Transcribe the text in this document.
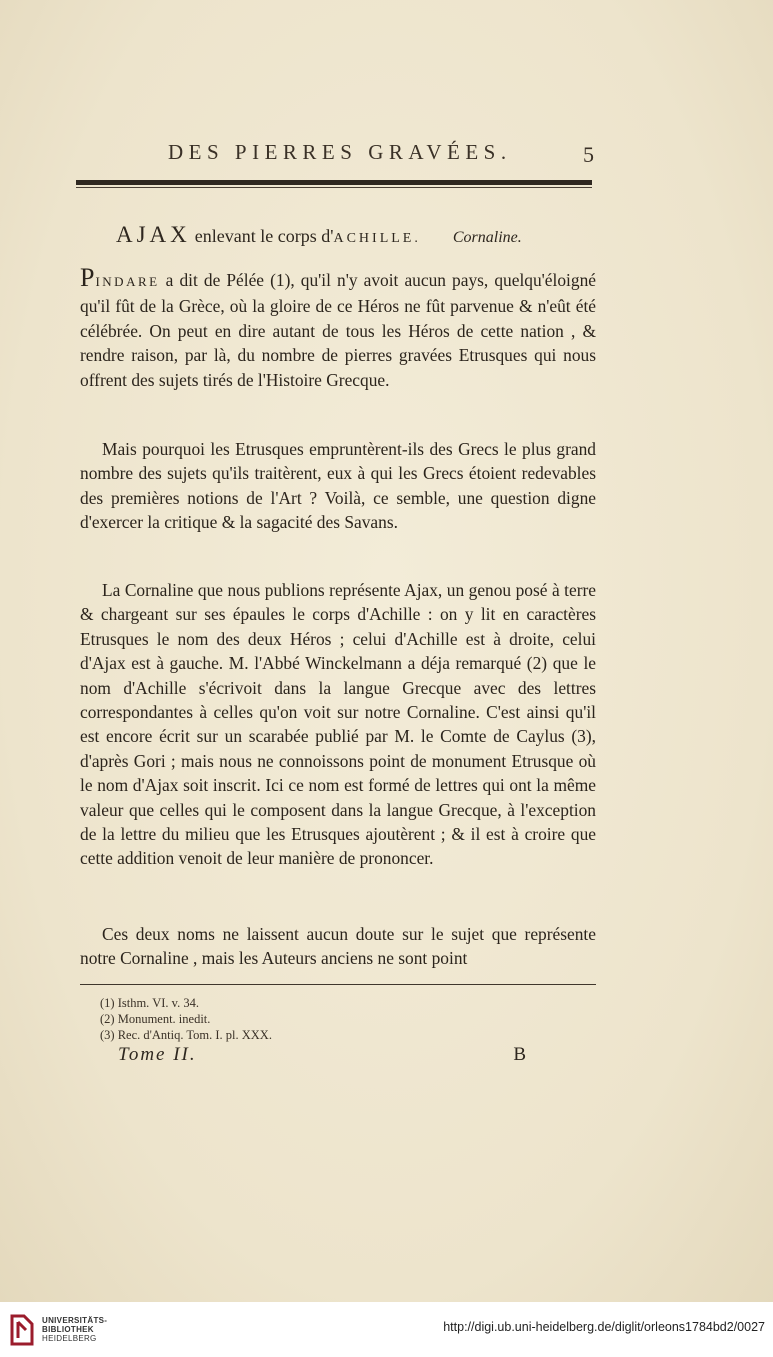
DES PIERRES GRAVÉES.	5
AJAX enlevant le corps d'ACHILLE. Cornaline.

PINDARE a dit de Pélée (1), qu'il n'y avoit aucun pays, quelqu'éloigné qu'il fût de la Grèce, où la gloire de ce Héros ne fût parvenue & n'eût été célébrée. On peut en dire autant de tous les Héros de cette nation , & rendre raison, par là, du nombre de pierres gravées Etrusques qui nous offrent des sujets tirés de l'Histoire Grecque.

Mais pourquoi les Etrusques empruntèrent-ils des Grecs le plus grand nombre des sujets qu'ils traitèrent, eux à qui les Grecs étoient redevables des premières notions de l'Art ? Voilà, ce semble, une question digne d'exercer la critique & la sagacité des Savans.

La Cornaline que nous publions représente Ajax, un genou posé à terre & chargeant sur ses épaules le corps d'Achille : on y lit en caractères Etrusques le nom des deux Héros ; celui d'Achille est à droite, celui d'Ajax est à gauche. M. l'Abbé Winckelmann a déja remarqué (2) que le nom d'Achille s'écrivoit dans la langue Grecque avec des lettres correspondantes à celles qu'on voit sur notre Cornaline. C'est ainsi qu'il est encore écrit sur un scarabée publié par M. le Comte de Caylus (3), d'après Gori ; mais nous ne connoissons point de monument Etrusque où le nom d'Ajax soit inscrit. Ici ce nom est formé de lettres qui ont la même valeur que celles qui le composent dans la langue Grecque, à l'exception de la lettre du milieu que les Etrusques ajoutèrent ; & il est à croire que cette addition venoit de leur manière de prononcer.

Ces deux noms ne laissent aucun doute sur le sujet que représente notre Cornaline , mais les Auteurs anciens ne sont point

(1) Isthm. VI. v. 34.
(2) Monument. inedit.
(3) Rec. d'Antiq. Tom. I. pl. XXX.
Tome II.	B
UNIVERSITÄTS-
BIBLIOTHEK
HEIDELBERG
http://digi.ub.uni-heidelberg.de/diglit/orleons1784bd2/0027
